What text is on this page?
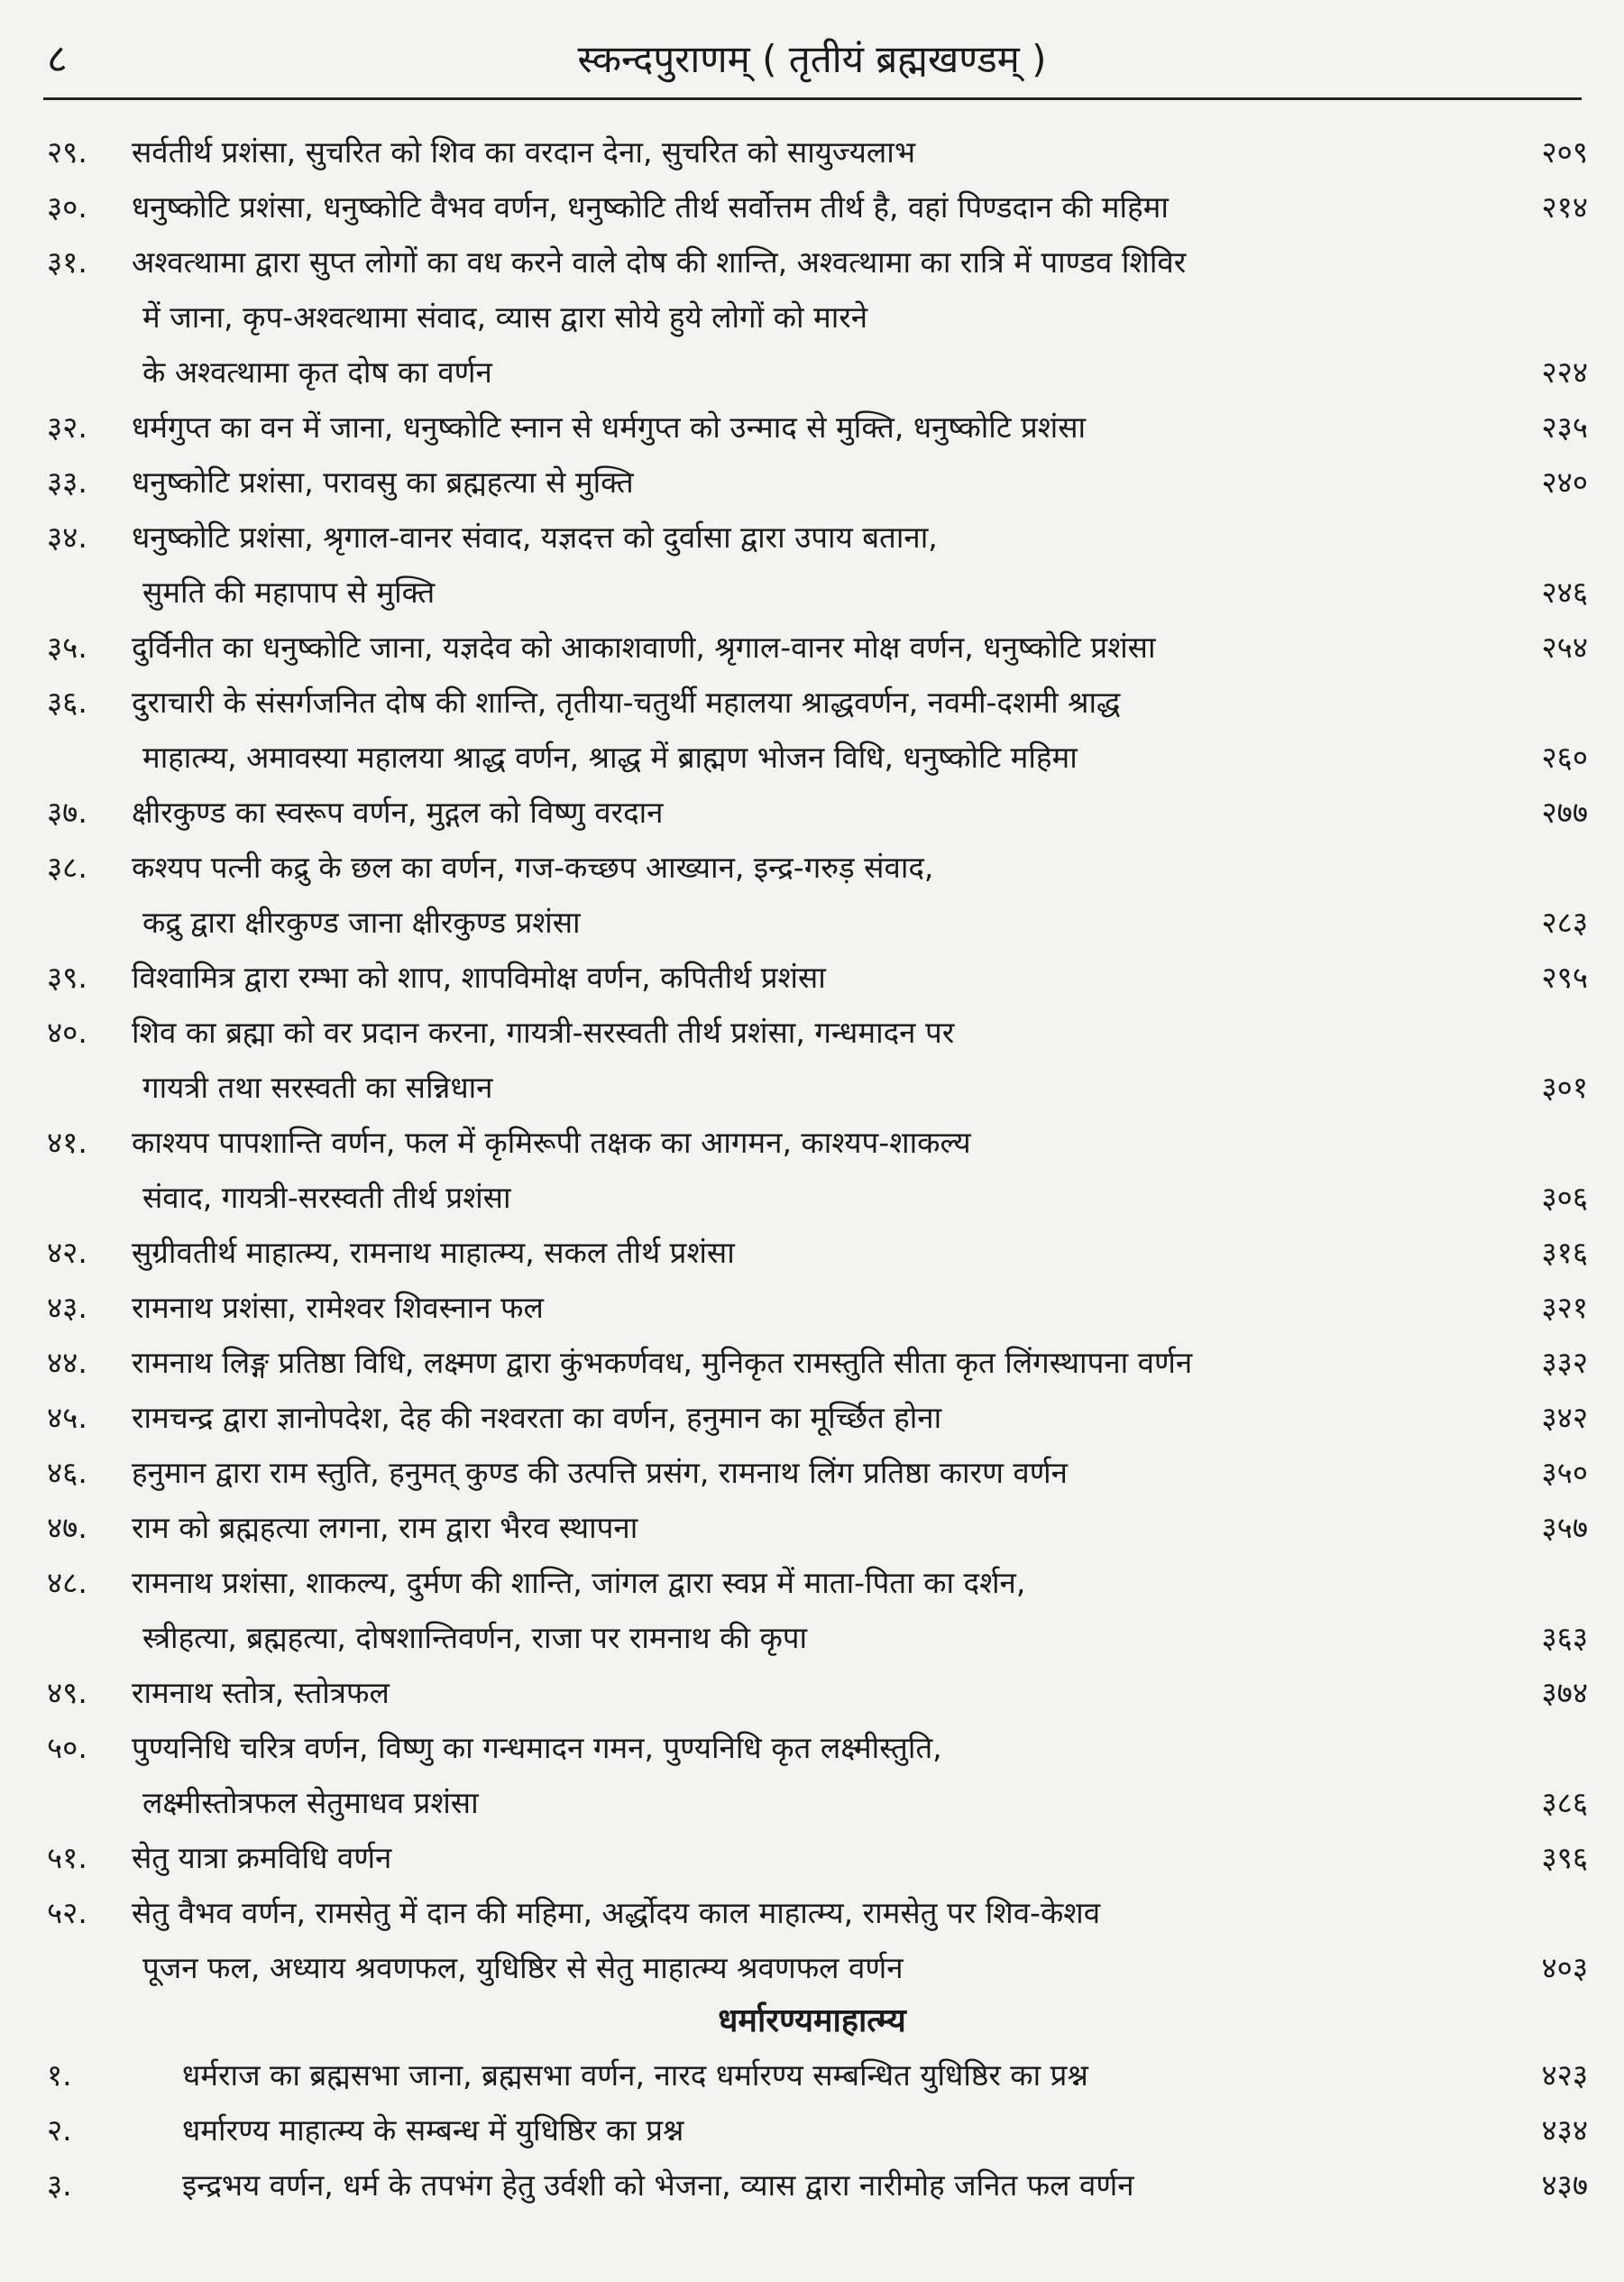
८	स्कन्दपुराणम् ( तृतीयं ब्रह्मखण्डम् )
२९. सर्वतीर्थ प्रशंसा, सुचरित को शिव का वरदान देना, सुचरित को सायुज्यलाभ	२०९
३०. धनुष्कोटि प्रशंसा, धनुष्कोटि वैभव वर्णन, धनुष्कोटि तीर्थ सर्वोत्तम तीर्थ है, वहां पिण्डदान की महिमा	२१४
३१. अश्वत्थामा द्वारा सुप्त लोगों का वध करने वाले दोष की शान्ति, अश्वत्थामा का रात्रि में पाण्डव शिविर
में जाना, कृप-अश्वत्थामा संवाद, व्यास द्वारा सोये हुये लोगों को मारने
के अश्वत्थामा कृत दोष का वर्णन	२२४
३२. धर्मगुप्त का वन में जाना, धनुष्कोटि स्नान से धर्मगुप्त को उन्माद से मुक्ति, धनुष्कोटि प्रशंसा	२३५
३३. धनुष्कोटि प्रशंसा, परावसु का ब्रह्महत्या से मुक्ति	२४०
३४. धनुष्कोटि प्रशंसा, श्रृगाल-वानर संवाद, यज्ञदत्त को दुर्वासा द्वारा उपाय बताना,
सुमति की महापाप से मुक्ति	२४६
३५. दुर्विनीत का धनुष्कोटि जाना, यज्ञदेव को आकाशवाणी, श्रृगाल-वानर मोक्ष वर्णन, धनुष्कोटि प्रशंसा	२५४
३६. दुराचारी के संसर्गजनित दोष की शान्ति, तृतीया-चतुर्थी महालया श्राद्धवर्णन, नवमी-दशमी श्राद्ध
माहात्म्य, अमावस्या महालया श्राद्ध वर्णन, श्राद्ध में ब्राह्मण भोजन विधि, धनुष्कोटि महिमा	२६०
३७. क्षीरकुण्ड का स्वरूप वर्णन, मुद्गल को विष्णु वरदान	२७७
३८. कश्यप पत्नी कद्रु के छल का वर्णन, गज-कच्छप आख्यान, इन्द्र-गरुड़ संवाद,
कद्रु द्वारा क्षीरकुण्ड जाना क्षीरकुण्ड प्रशंसा	२८३
३९. विश्वामित्र द्वारा रम्भा को शाप, शापविमोक्ष वर्णन, कपितीर्थ प्रशंसा	२९५
४०. शिव का ब्रह्मा को वर प्रदान करना, गायत्री-सरस्वती तीर्थ प्रशंसा, गन्धमादन पर
गायत्री तथा सरस्वती का सन्निधान	३०१
४१. काश्यप पापशान्ति वर्णन, फल में कृमिरूपी तक्षक का आगमन, काश्यप-शाकल्य
संवाद, गायत्री-सरस्वती तीर्थ प्रशंसा	३०६
४२. सुग्रीवतीर्थ माहात्म्य, रामनाथ माहात्म्य, सकल तीर्थ प्रशंसा	३१६
४३. रामनाथ प्रशंसा, रामेश्वर शिवस्नान फल	३२१
४४. रामनाथ लिङ्ग प्रतिष्ठा विधि, लक्ष्मण द्वारा कुंभकर्णवध, मुनिकृत रामस्तुति सीता कृत लिंगस्थापना वर्णन	३३२
४५. रामचन्द्र द्वारा ज्ञानोपदेश, देह की नश्वरता का वर्णन, हनुमान का मूर्च्छित होना	३४२
४६. हनुमान द्वारा राम स्तुति, हनुमत् कुण्ड की उत्पत्ति प्रसंग, रामनाथ लिंग प्रतिष्ठा कारण वर्णन	३५०
४७. राम को ब्रह्महत्या लगना, राम द्वारा भैरव स्थापना	३५७
४८. रामनाथ प्रशंसा, शाकल्य, दुर्मण की शान्ति, जांगल द्वारा स्वप्न में माता-पिता का दर्शन,
स्त्रीहत्या, ब्रह्महत्या, दोषशान्तिवर्णन, राजा पर रामनाथ की कृपा	३६३
४९. रामनाथ स्तोत्र, स्तोत्रफल	३७४
५०. पुण्यनिधि चरित्र वर्णन, विष्णु का गन्धमादन गमन, पुण्यनिधि कृत लक्ष्मीस्तुति,
लक्ष्मीस्तोत्रफल सेतुमाधव प्रशंसा	३८६
५१. सेतु यात्रा क्रमविधि वर्णन	३९६
५२. सेतु वैभव वर्णन, रामसेतु में दान की महिमा, अर्द्धोदय काल माहात्म्य, रामसेतु पर शिव-केशव
पूजन फल, अध्याय श्रवणफल, युधिष्ठिर से सेतु माहात्म्य श्रवणफल वर्णन	४०३
धर्मारण्यमाहात्म्य
१.	धर्मराज का ब्रह्मसभा जाना, ब्रह्मसभा वर्णन, नारद धर्मारण्य सम्बन्धित युधिष्ठिर का प्रश्न	४२३
२.	धर्मारण्य माहात्म्य के सम्बन्ध में युधिष्ठिर का प्रश्न	४३४
३.	इन्द्रभय वर्णन, धर्म के तपभंग हेतु उर्वशी को भेजना, व्यास द्वारा नारीमोह जनित फल वर्णन	४३७
